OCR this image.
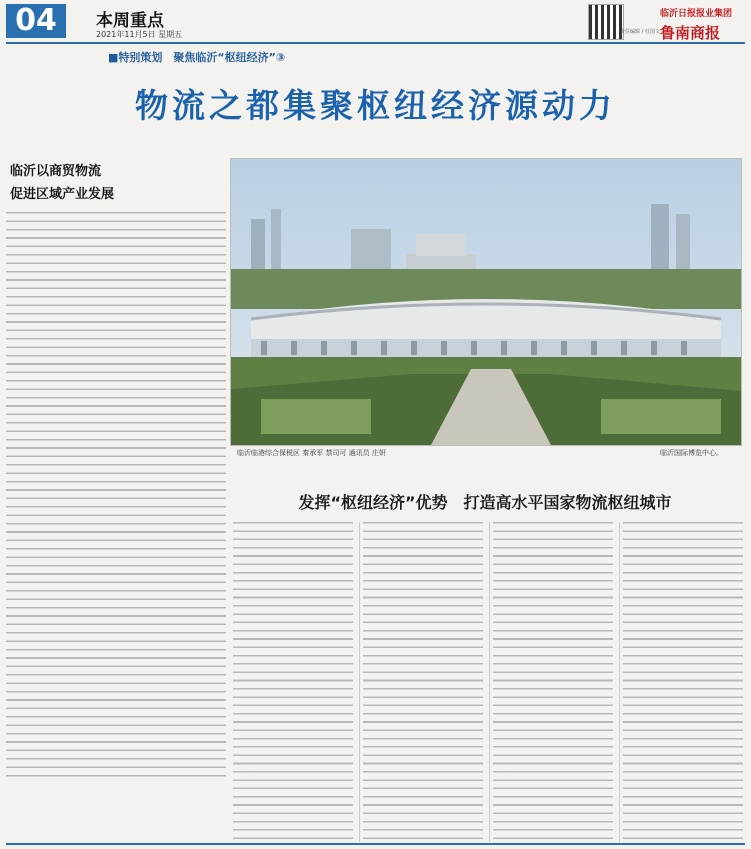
04	本周重点
2021年11月5日 星期五	责任编辑 / 杜国文
临沂日报报业集团
鲁南商报
■特别策划　聚焦临沂“枢纽经济”③
物流之都集聚枢纽经济源动力
临沂以商贸物流
促进区域产业发展
临沂临港综合保税区 秦承军 禁司可 通讯员 庄妍	临沂国际博览中心。
发挥“枢纽经济”优势　打造高水平国家物流枢纽城市
